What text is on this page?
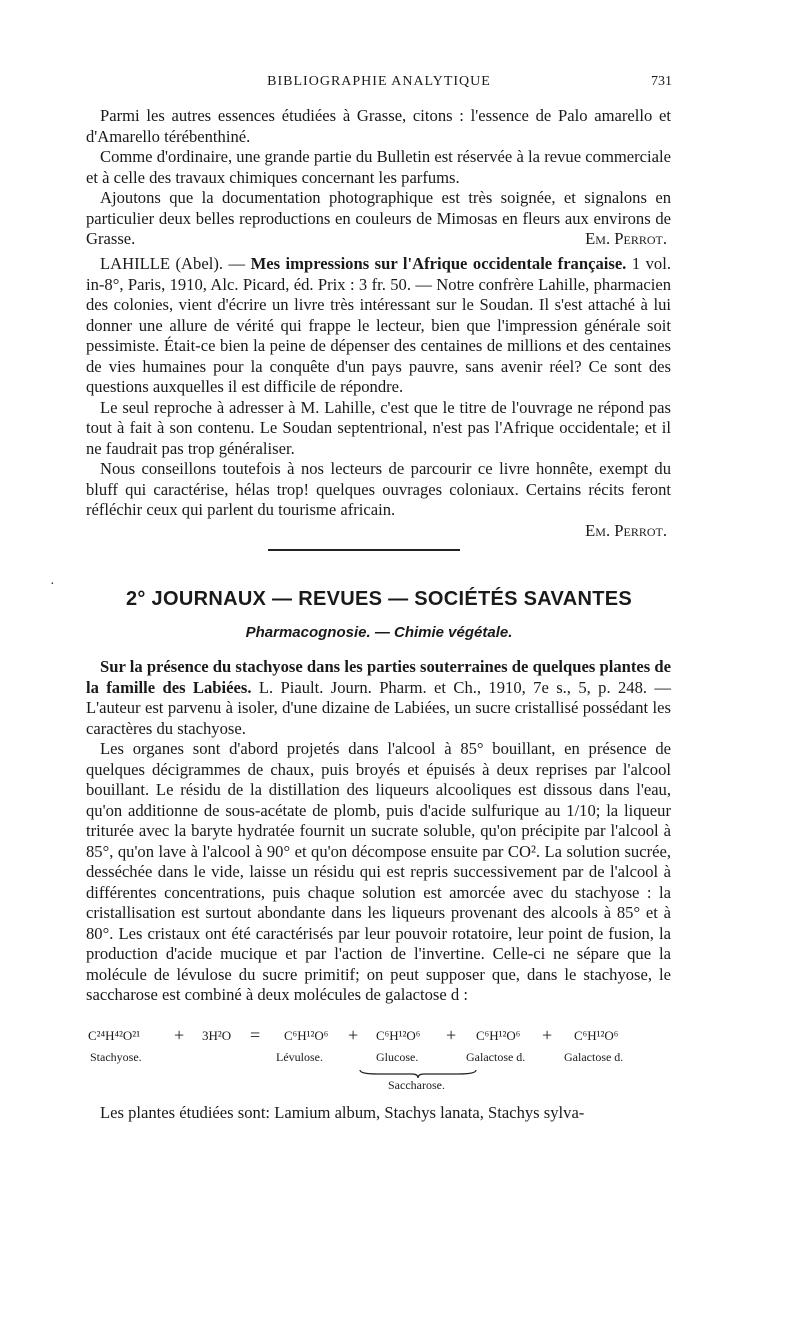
BIBLIOGRAPHIE ANALYTIQUE	731

Parmi les autres essences étudiées à Grasse, citons : l'essence de Palo amarello et d'Amarello térébenthiné.

Comme d'ordinaire, une grande partie du Bulletin est réservée à la revue commerciale et à celle des travaux chimiques concernant les parfums.

Ajoutons que la documentation photographique est très soignée, et signalons en particulier deux belles reproductions en couleurs de Mimosas en fleurs aux environs de Grasse.	Em. Perrot.

LAHILLE (Abel). — Mes impressions sur l'Afrique occidentale française. 1 vol. in-8°, Paris, 1910, Alc. Picard, éd. Prix : 3 fr. 50. — Notre confrère Lahille, pharmacien des colonies, vient d'écrire un livre très intéressant sur le Soudan. Il s'est attaché à lui donner une allure de vérité qui frappe le lecteur, bien que l'impression générale soit pessimiste. Était-ce bien la peine de dépenser des centaines de millions et des centaines de vies humaines pour la conquête d'un pays pauvre, sans avenir réel? Ce sont des questions auxquelles il est difficile de répondre.

Le seul reproche à adresser à M. Lahille, c'est que le titre de l'ouvrage ne répond pas tout à fait à son contenu. Le Soudan septentrional, n'est pas l'Afrique occidentale; et il ne faudrait pas trop généraliser.

Nous conseillons toutefois à nos lecteurs de parcourir ce livre honnête, exempt du bluff qui caractérise, hélas trop! quelques ouvrages coloniaux. Certains récits feront réfléchir ceux qui parlent du tourisme africain.

Em. Perrot.
·
2° JOURNAUX — REVUES — SOCIÉTÉS SAVANTES
Pharmacognosie. — Chimie végétale.

Sur la présence du stachyose dans les parties souterraines de quelques plantes de la famille des Labiées. L. Piault. Journ. Pharm. et Ch., 1910, 7e s., 5, p. 248. — L'auteur est parvenu à isoler, d'une dizaine de Labiées, un sucre cristallisé possédant les caractères du stachyose.

Les organes sont d'abord projetés dans l'alcool à 85° bouillant, en présence de quelques décigrammes de chaux, puis broyés et épuisés à deux reprises par l'alcool bouillant. Le résidu de la distillation des liqueurs alcooliques est dissous dans l'eau, qu'on additionne de sous-acétate de plomb, puis d'acide sulfurique au 1/10; la liqueur triturée avec la baryte hydratée fournit un sucrate soluble, qu'on précipite par l'alcool à 85°, qu'on lave à l'alcool à 90° et qu'on décompose ensuite par CO². La solution sucrée, desséchée dans le vide, laisse un résidu qui est repris successivement par de l'alcool à différentes concentrations, puis chaque solution est amorcée avec du stachyose : la cristallisation est surtout abondante dans les liqueurs provenant des alcools à 85° et à 80°. Les cristaux ont été caractérisés par leur pouvoir rotatoire, leur point de fusion, la production d'acide mucique et par l'action de l'invertine. Celle-ci ne sépare que la molécule de lévulose du sucre primitif; on peut supposer que, dans le stachyose, le saccharose est combiné à deux molécules de galactose d :

C²⁴H⁴²O²¹ + 3H²O = C⁶H¹²O⁶ + C⁶H¹²O⁶ + C⁶H¹²O⁶ + C⁶H¹²O⁶
Stachyose.	Lévulose.	Glucose.	Galactose d.	Galactose d.
Saccharose.

Les plantes étudiées sont: Lamium album, Stachys lanata, Stachys sylva-
